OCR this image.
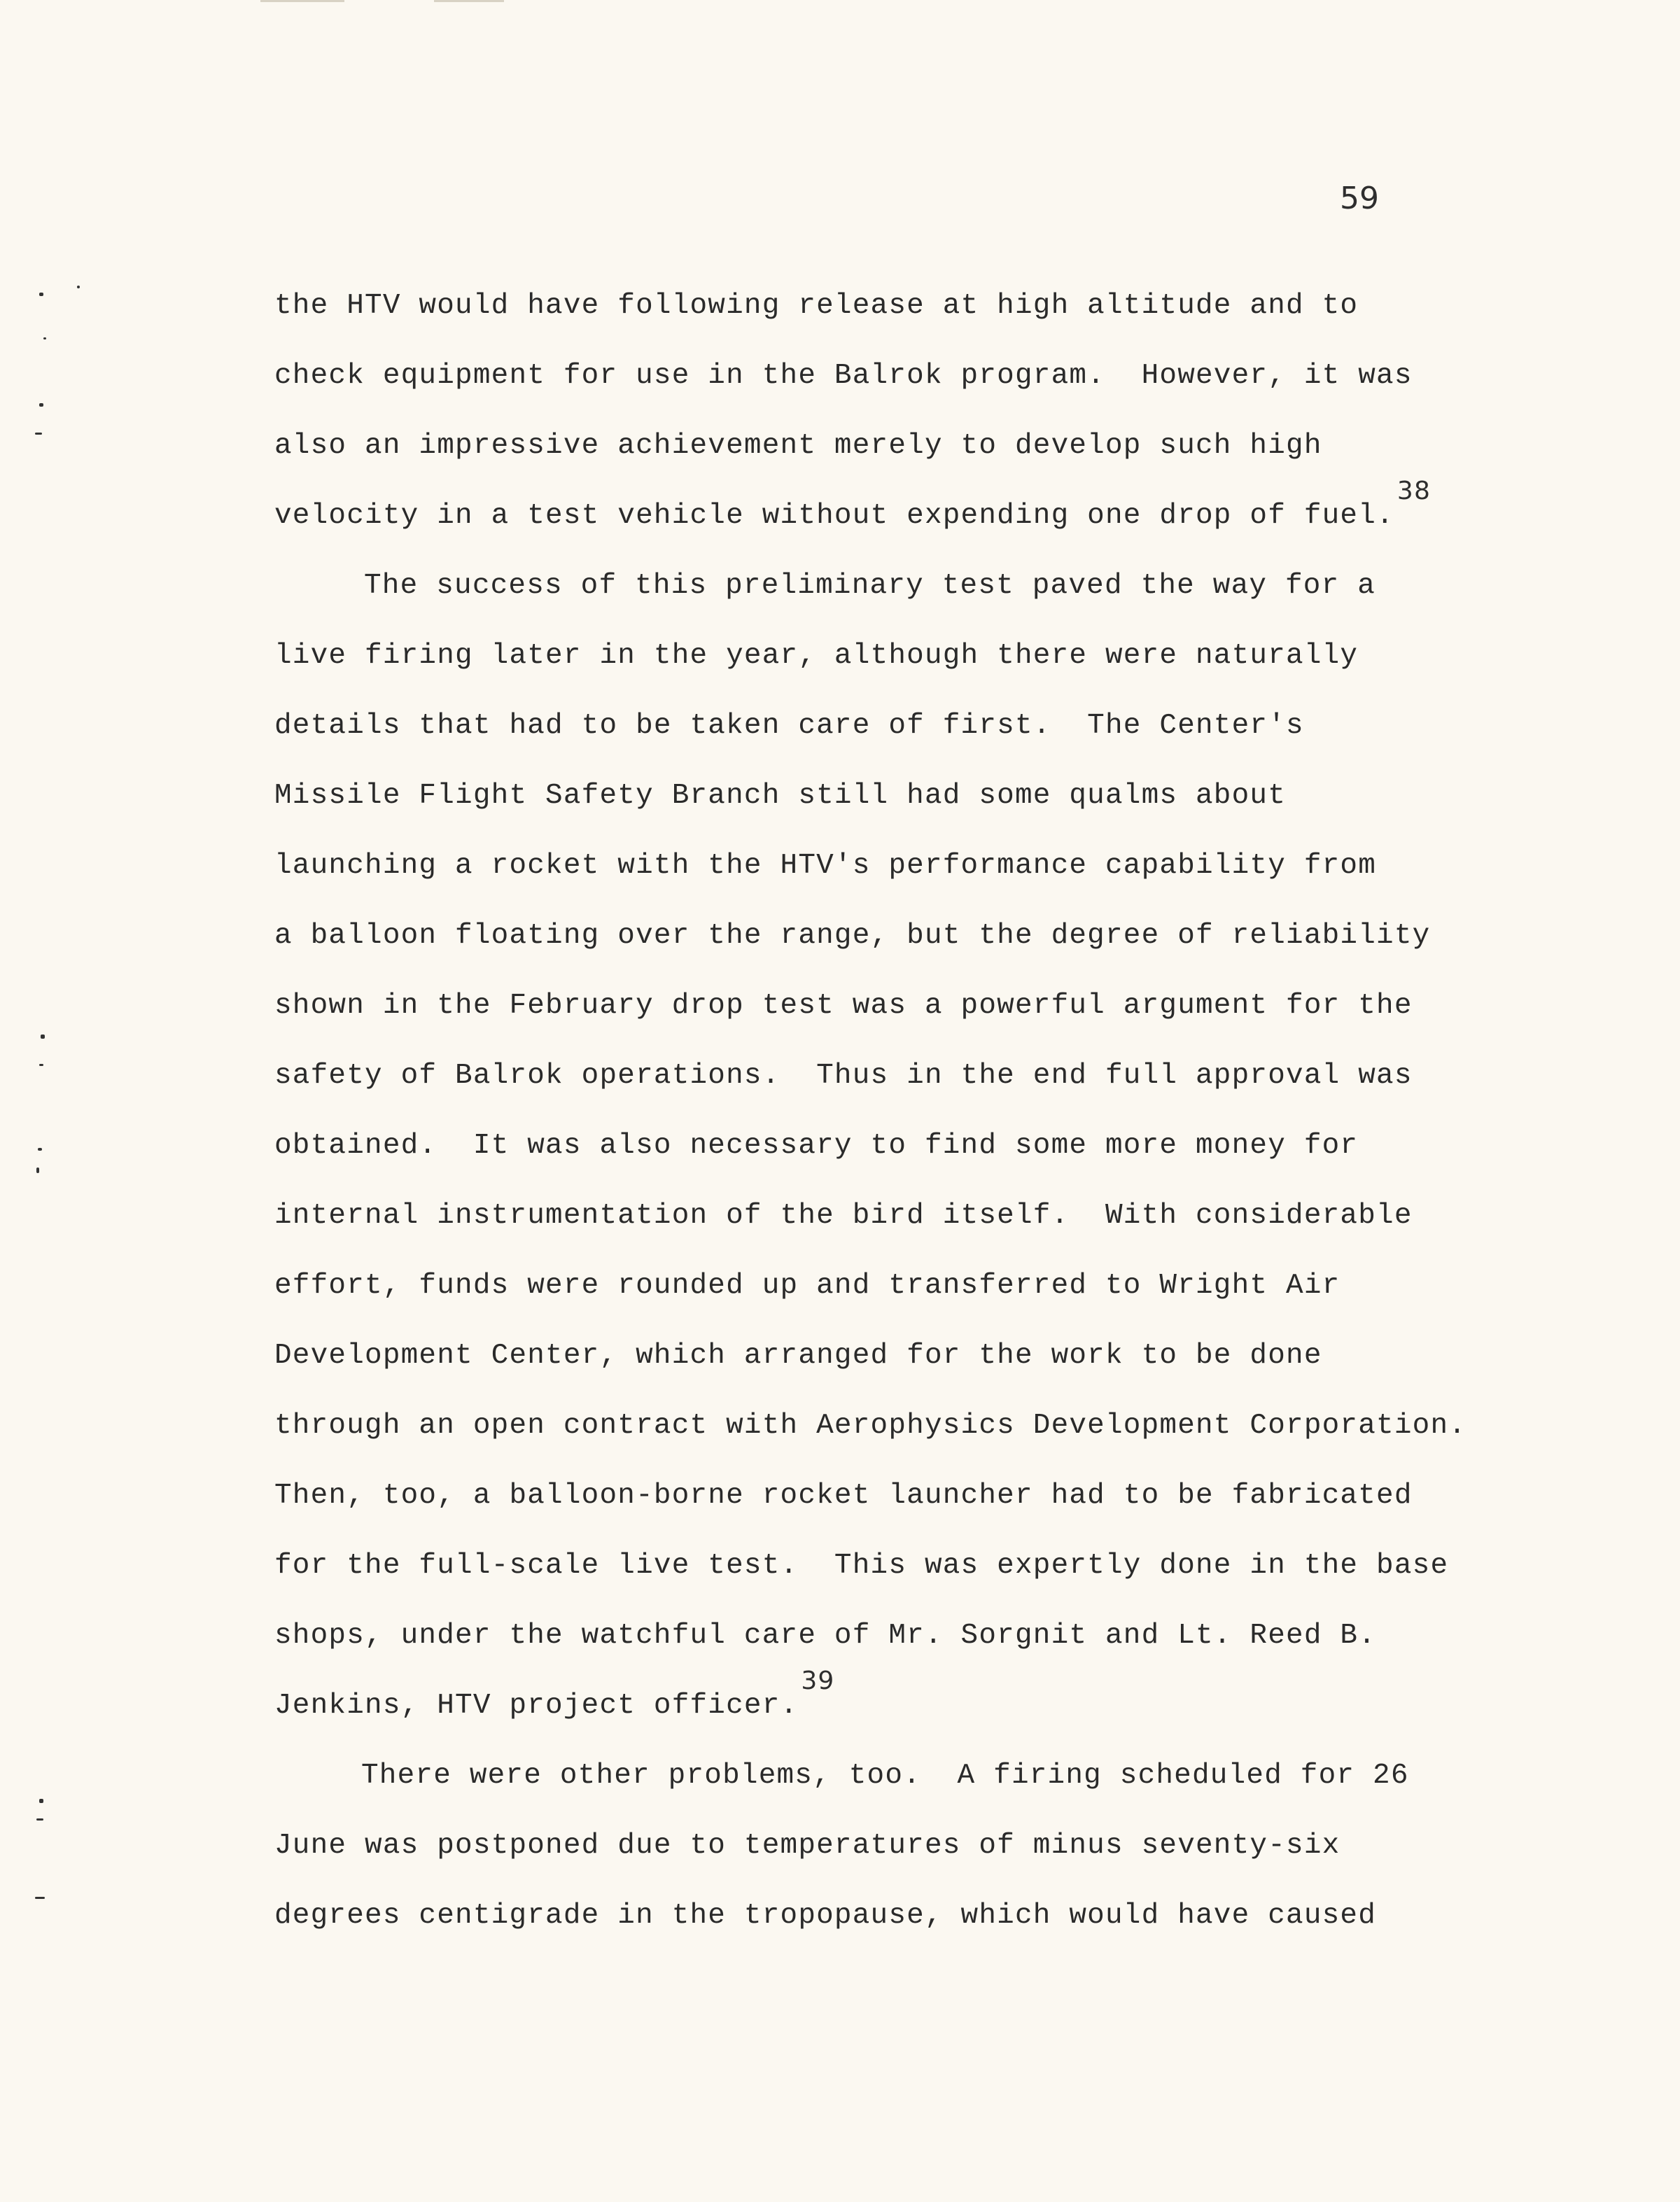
59
the HTV would have following release at high altitude and to
check equipment for use in the Balrok program.  However, it was
also an impressive achievement merely to develop such high
velocity in a test vehicle without expending one drop of fuel.$^{38}$
The success of this preliminary test paved the way for a
live firing later in the year, although there were naturally
details that had to be taken care of first.  The Center's
Missile Flight Safety Branch still had some qualms about
launching a rocket with the HTV's performance capability from
a balloon floating over the range, but the degree of reliability
shown in the February drop test was a powerful argument for the
safety of Balrok operations.  Thus in the end full approval was
obtained.  It was also necessary to find some more money for
internal instrumentation of the bird itself.  With considerable
effort, funds were rounded up and transferred to Wright Air
Development Center, which arranged for the work to be done
through an open contract with Aerophysics Development Corporation.
Then, too, a balloon-borne rocket launcher had to be fabricated
for the full-scale live test.  This was expertly done in the base
shops, under the watchful care of Mr. Sorgnit and Lt. Reed B.
Jenkins, HTV project officer.$^{39}$
There were other problems, too.  A firing scheduled for 26
June was postponed due to temperatures of minus seventy-six
degrees centigrade in the tropopause, which would have caused
